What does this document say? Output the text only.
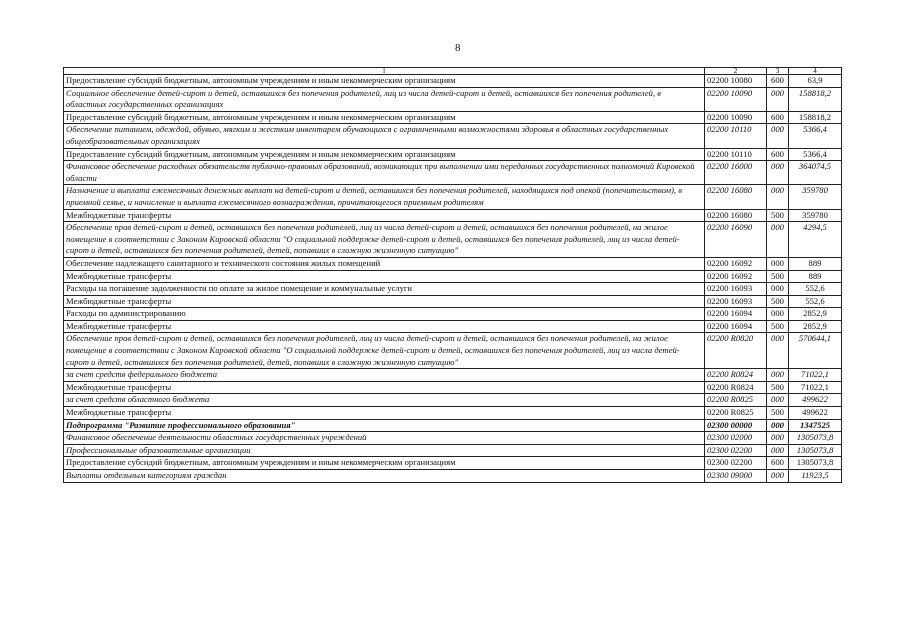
8
1	2	3	4
Предоставление субсидий бюджетным, автономным учреждениям и иным некоммерческим организациям	02200 10080	600	63,9
Социальное обеспечение детей-сирот и детей, оставшихся без попечения родителей, лиц из числа детей-сирот и детей, оставшихся без попечения родителей, в областных государственных организациях	02200 10090	000	158818,2
Предоставление субсидий бюджетным, автономным учреждениям и иным некоммерческим организациям	02200 10090	600	158818,2
Обеспечение питанием, одеждой, обувью, мягким и жестким инвентарем обучающихся с ограниченными возможностями здоровья в областных государственных общеобразовательных организациях	02200 10110	000	5366,4
Предоставление субсидий бюджетным, автономным учреждениям и иным некоммерческим организациям	02200 10110	600	5366,4
Финансовое обеспечение расходных обязательств публично-правовых образований, возникающих при выполнении ими переданных государственных полномочий Кировской области	02200 16000	000	364074,5
Назначение и выплата ежемесячных денежных выплат на детей-сирот и детей, оставшихся без попечения родителей, находящихся под опекой (попечительством), в приемной семье, и начисление и выплата ежемесячного вознаграждения, причитающегося приемным родителям	02200 16080	000	359780
Межбюджетные трансферты	02200 16080	500	359780
Обеспечение прав детей-сирот и детей, оставшихся без попечения родителей, лиц из числа детей-сирот и детей, оставшихся без попечения родителей, на жилое помещение в соответствии с Законом Кировской области "О социальной поддержке детей-сирот и детей, оставшихся без попечения родителей, лиц из числа детей-сирот и детей, оставшихся без попечения родителей, детей, попавших в сложную жизненную ситуацию"	02200 16090	000	4294,5
Обеспечение надлежащего санитарного и технического состояния жилых помещений	02200 16092	000	889
Межбюджетные трансферты	02200 16092	500	889
Расходы на погашение задолженности по оплате за жилое помещение и коммунальные услуги	02200 16093	000	552,6
Межбюджетные трансферты	02200 16093	500	552,6
Расходы по администрированию	02200 16094	000	2852,9
Межбюджетные трансферты	02200 16094	500	2852,9
Обеспечение прав детей-сирот и детей, оставшихся без попечения родителей, лиц из числа детей-сирот и детей, оставшихся без попечения родителей, на жилое помещение в соответствии с Законом Кировской области "О социальной поддержке детей-сирот и детей, оставшихся без попечения родителей, лиц из числа детей-сирот и детей, оставшихся без попечения родителей, детей, попавших в сложную жизненную ситуацию"	02200 R0820	000	570644,1
за счет средств федерального бюджета	02200 R0824	000	71022,1
Межбюджетные трансферты	02200 R0824	500	71022,1
за счет средств областного бюджета	02200 R0825	000	499622
Межбюджетные трансферты	02200 R0825	500	499622
Подпрограмма "Развитие профессионального образования"	02300 00000	000	1347525
Финансовое обеспечение деятельности областных государственных учреждений	02300 02000	000	1305073,8
Профессиональные образовательные организации	02300 02200	000	1305073,8
Предоставление субсидий бюджетным, автономным учреждениям и иным некоммерческим организациям	02300 02200	600	1305073,8
Выплаты отдельным категориям граждан	02300 09000	000	11923,5
